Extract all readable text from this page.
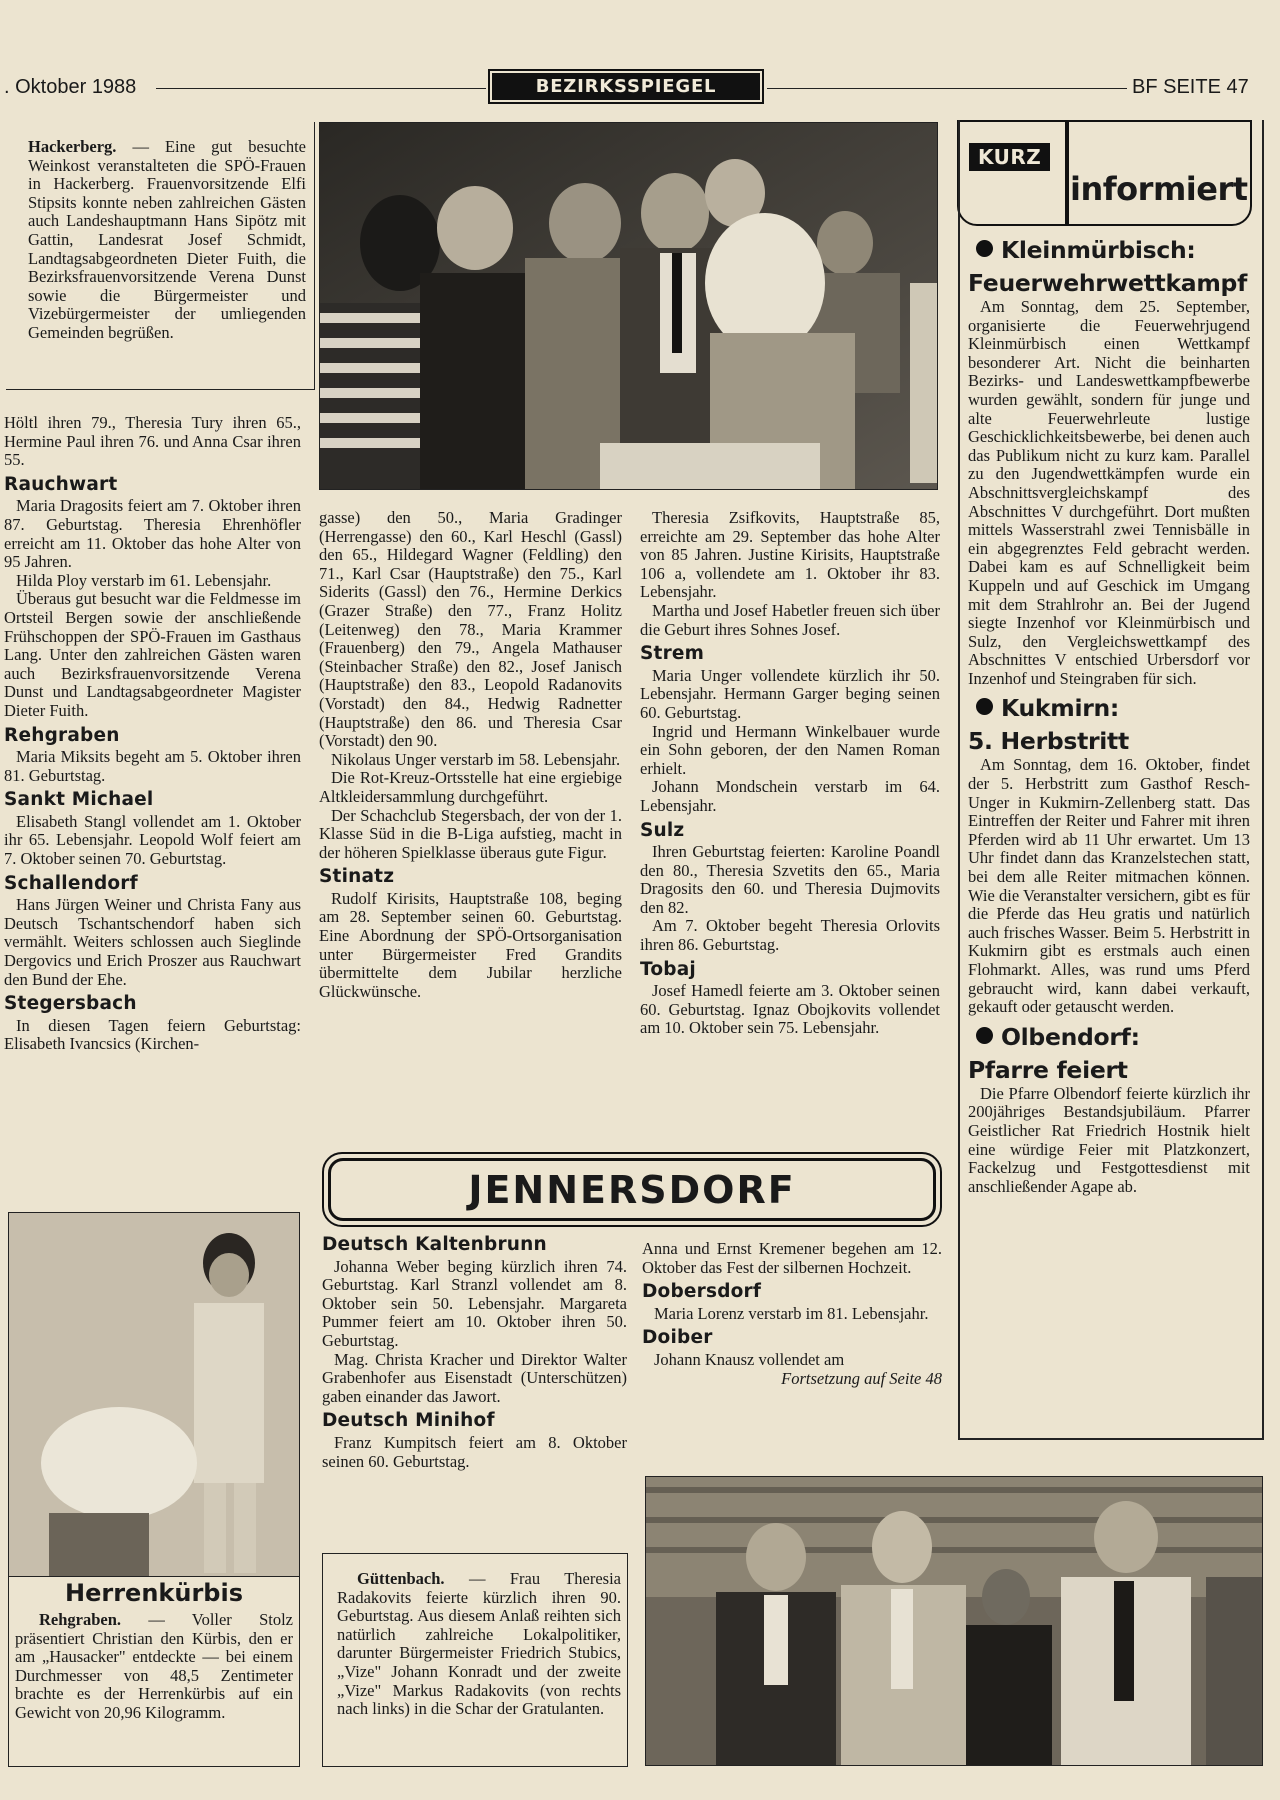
. Oktober 1988	BEZIRKSSPIEGEL	BF SEITE 47

Hackerberg. — Eine gut besuchte Weinkost veranstalteten die SPÖ-Frauen in Hackerberg. Frauenvorsitzende Elfi Stipsits konnte neben zahlreichen Gästen auch Landeshauptmann Hans Sipötz mit Gattin, Landesrat Josef Schmidt, Landtagsabgeordneten Dieter Fuith, die Bezirksfrauenvorsitzende Verena Dunst sowie die Bürgermeister und Vizebürgermeister der umliegenden Gemeinden begrüßen.

Höltl ihren 79., Theresia Tury ihren 65., Hermine Paul ihren 76. und Anna Csar ihren 55.

Rauchwart

Maria Dragosits feiert am 7. Oktober ihren 87. Geburtstag. Theresia Ehrenhöfler erreicht am 11. Oktober das hohe Alter von 95 Jahren.

Hilda Ploy verstarb im 61. Lebensjahr.

Überaus gut besucht war die Feldmesse im Ortsteil Bergen sowie der anschließende Frühschoppen der SPÖ-Frauen im Gasthaus Lang. Unter den zahlreichen Gästen waren auch Bezirksfrauenvorsitzende Verena Dunst und Landtagsabgeordneter Magister Dieter Fuith.

Rehgraben

Maria Miksits begeht am 5. Oktober ihren 81. Geburtstag.

Sankt Michael

Elisabeth Stangl vollendet am 1. Oktober ihr 65. Lebensjahr. Leopold Wolf feiert am 7. Oktober seinen 70. Geburtstag.

Schallendorf

Hans Jürgen Weiner und Christa Fany aus Deutsch Tschantschendorf haben sich vermählt. Weiters schlossen auch Sieglinde Dergovics und Erich Proszer aus Rauchwart den Bund der Ehe.

Stegersbach

In diesen Tagen feiern Geburtstag: Elisabeth Ivancsics (Kirchen-

gasse) den 50., Maria Gradinger (Herrengasse) den 60., Karl Heschl (Gassl) den 65., Hildegard Wagner (Feldling) den 71., Karl Csar (Hauptstraße) den 75., Karl Siderits (Gassl) den 76., Hermine Derkics (Grazer Straße) den 77., Franz Holitz (Leitenweg) den 78., Maria Krammer (Frauenberg) den 79., Angela Mathauser (Steinbacher Straße) den 82., Josef Janisch (Hauptstraße) den 83., Leopold Radanovits (Vorstadt) den 84., Hedwig Radnetter (Hauptstraße) den 86. und Theresia Csar (Vorstadt) den 90.

Nikolaus Unger verstarb im 58. Lebensjahr.

Die Rot-Kreuz-Ortsstelle hat eine ergiebige Altkleidersammlung durchgeführt.

Der Schachclub Stegersbach, der von der 1. Klasse Süd in die B-Liga aufstieg, macht in der höheren Spielklasse überaus gute Figur.

Stinatz

Rudolf Kirisits, Hauptstraße 108, beging am 28. September seinen 60. Geburtstag. Eine Abordnung der SPÖ-Ortsorganisation unter Bürgermeister Fred Grandits übermittelte dem Jubilar herzliche Glückwünsche.

Theresia Zsifkovits, Hauptstraße 85, erreichte am 29. September das hohe Alter von 85 Jahren. Justine Kirisits, Hauptstraße 106 a, vollendete am 1. Oktober ihr 83. Lebensjahr.

Martha und Josef Habetler freuen sich über die Geburt ihres Sohnes Josef.

Strem

Maria Unger vollendete kürzlich ihr 50. Lebensjahr. Hermann Garger beging seinen 60. Geburtstag.

Ingrid und Hermann Winkelbauer wurde ein Sohn geboren, der den Namen Roman erhielt.

Johann Mondschein verstarb im 64. Lebensjahr.

Sulz

Ihren Geburtstag feierten: Karoline Poandl den 80., Theresia Szvetits den 65., Maria Dragosits den 60. und Theresia Dujmovits den 82.

Am 7. Oktober begeht Theresia Orlovits ihren 86. Geburtstag.

Tobaj

Josef Hamedl feierte am 3. Oktober seinen 60. Geburtstag. Ignaz Obojkovits vollendet am 10. Oktober sein 75. Lebensjahr.

KURZ
informiert
Kleinmürbisch:
Feuerwehrwettkampf

Am Sonntag, dem 25. September, organisierte die Feuerwehrjugend Kleinmürbisch einen Wettkampf besonderer Art. Nicht die beinharten Bezirks- und Landeswettkampfbewerbe wurden gewählt, sondern für junge und alte Feuerwehrleute lustige Geschicklichkeitsbewerbe, bei denen auch das Publikum nicht zu kurz kam. Parallel zu den Jugendwettkämpfen wurde ein Abschnittsvergleichskampf des Abschnittes V durchgeführt. Dort mußten mittels Wasserstrahl zwei Tennisbälle in ein abgegrenztes Feld gebracht werden. Dabei kam es auf Schnelligkeit beim Kuppeln und auf Geschick im Umgang mit dem Strahlrohr an. Bei der Jugend siegte Inzenhof vor Kleinmürbisch und Sulz, den Vergleichswettkampf des Abschnittes V entschied Urbersdorf vor Inzenhof und Steingraben für sich.

Kukmirn:
5. Herbstritt

Am Sonntag, dem 16. Oktober, findet der 5. Herbstritt zum Gasthof Resch-Unger in Kukmirn-Zellenberg statt. Das Eintreffen der Reiter und Fahrer mit ihren Pferden wird ab 11 Uhr erwartet. Um 13 Uhr findet dann das Kranzelstechen statt, bei dem alle Reiter mitmachen können. Wie die Veranstalter versichern, gibt es für die Pferde das Heu gratis und natürlich auch frisches Wasser. Beim 5. Herbstritt in Kukmirn gibt es erstmals auch einen Flohmarkt. Alles, was rund ums Pferd gebraucht wird, kann dabei verkauft, gekauft oder getauscht werden.

Olbendorf:
Pfarre feiert

Die Pfarre Olbendorf feierte kürzlich ihr 200jähriges Bestandsjubiläum. Pfarrer Geistlicher Rat Friedrich Hostnik hielt eine würdige Feier mit Platzkonzert, Fackelzug und Festgottesdienst mit anschließender Agape ab.

JENNERSDORF
Deutsch Kaltenbrunn

Johanna Weber beging kürzlich ihren 74. Geburtstag. Karl Stranzl vollendet am 8. Oktober sein 50. Lebensjahr. Margareta Pummer feiert am 10. Oktober ihren 50. Geburtstag.

Mag. Christa Kracher und Direktor Walter Grabenhofer aus Eisenstadt (Unterschützen) gaben einander das Jawort.

Deutsch Minihof

Franz Kumpitsch feiert am 8. Oktober seinen 60. Geburtstag.

Anna und Ernst Kremener begehen am 12. Oktober das Fest der silbernen Hochzeit.

Dobersdorf

Maria Lorenz verstarb im 81. Lebensjahr.

Doiber

Johann Knausz vollendet am

Fortsetzung auf Seite 48

Herrenkürbis

Rehgraben. — Voller Stolz präsentiert Christian den Kürbis, den er am „Hausacker" entdeckte — bei einem Durchmesser von 48,5 Zentimeter brachte es der Herrenkürbis auf ein Gewicht von 20,96 Kilogramm.

Güttenbach. — Frau Theresia Radakovits feierte kürzlich ihren 90. Geburtstag. Aus diesem Anlaß reihten sich natürlich zahlreiche Lokalpolitiker, darunter Bürgermeister Friedrich Stubics, „Vize" Johann Konradt und der zweite „Vize" Markus Radakovits (von rechts nach links) in die Schar der Gratulanten.
